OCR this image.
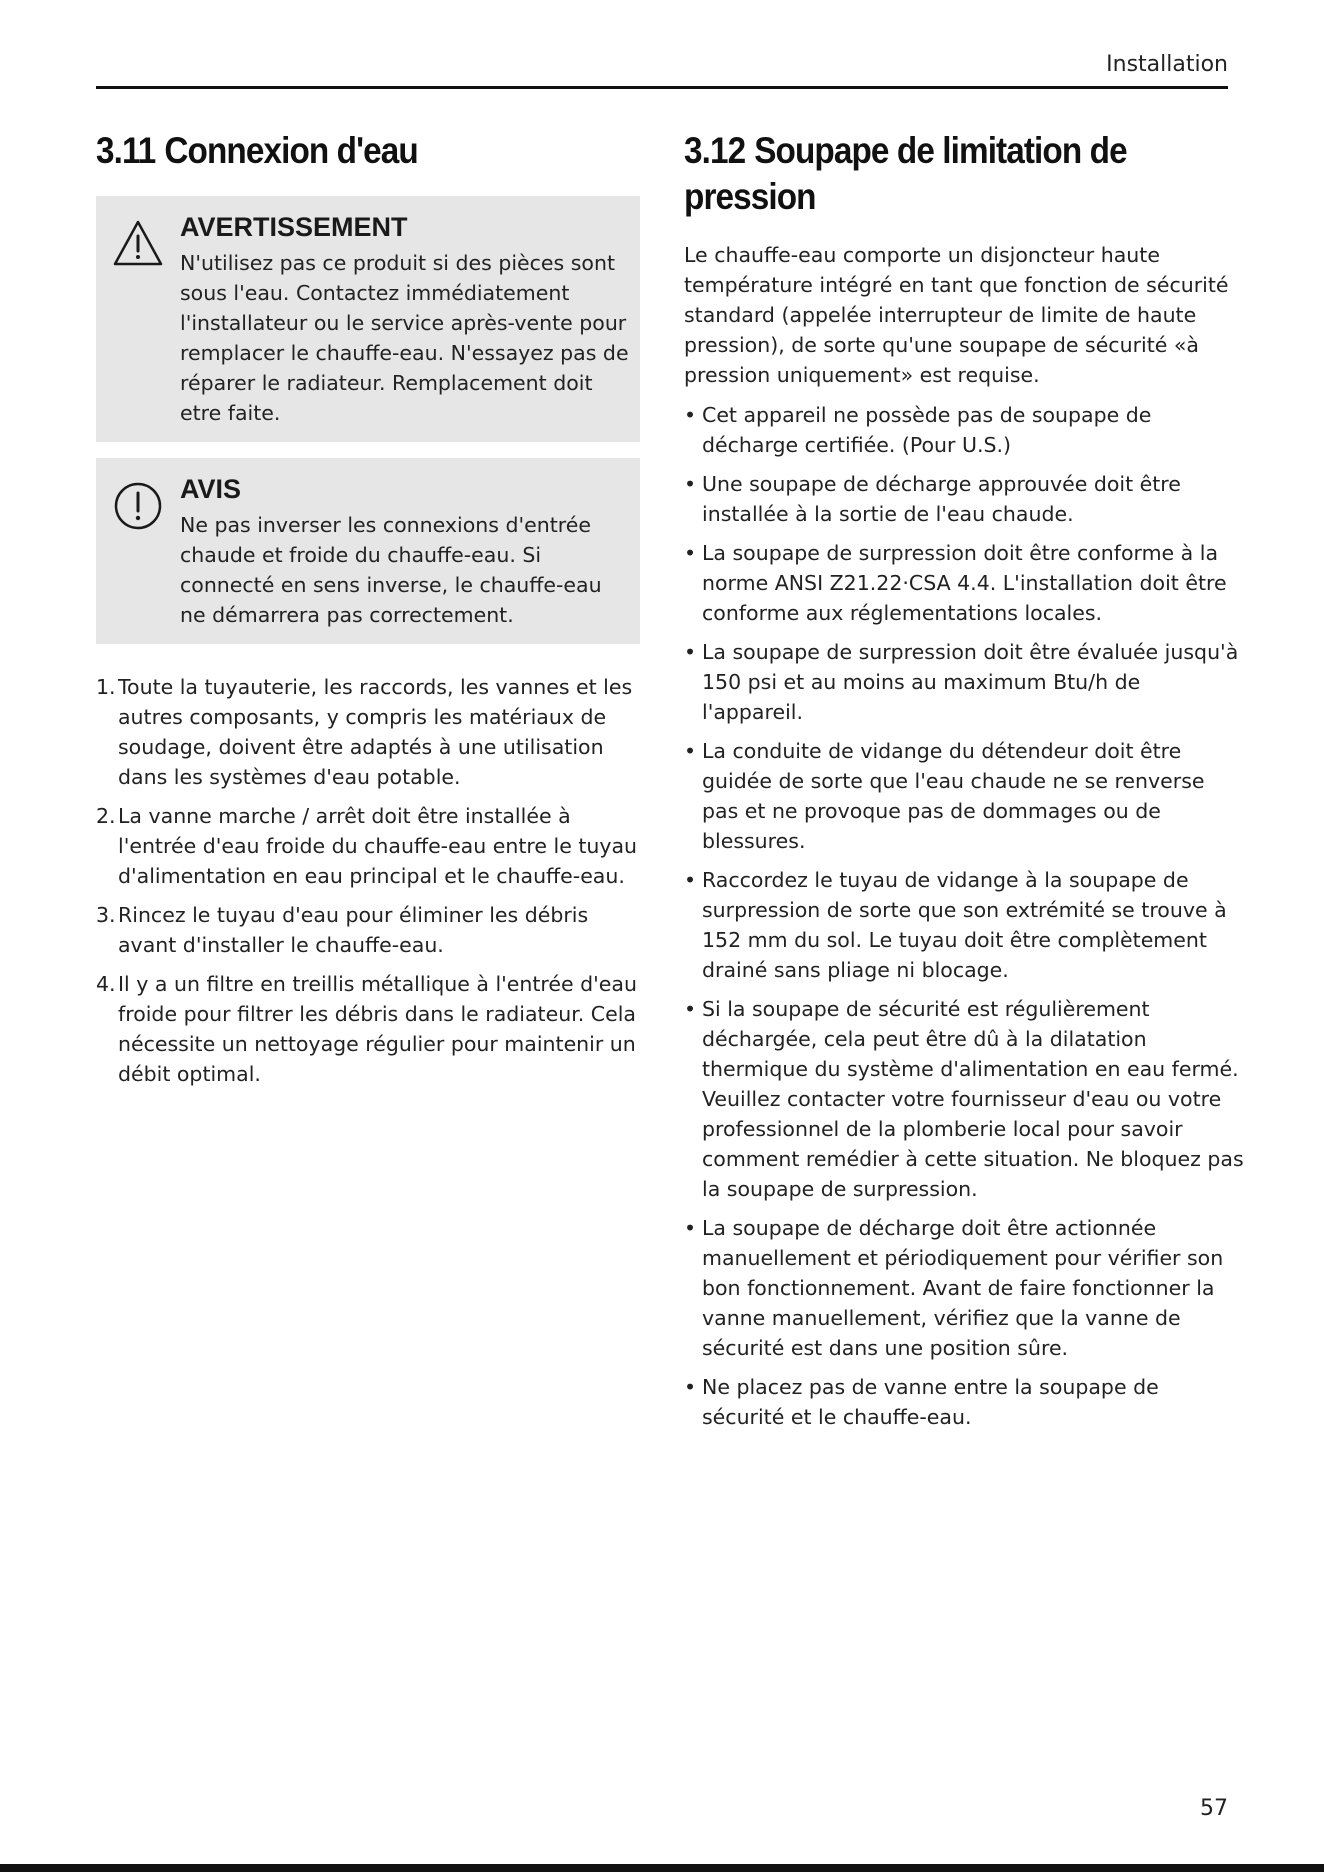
Installation
3.11 Connexion d'eau

AVERTISSEMENT

N'utilisez pas ce produit si des pièces sont sous l'eau. Contactez immédiatement l'installateur ou le service après-vente pour remplacer le chauffe-eau. N'essayez pas de réparer le radiateur. Remplacement doit etre faite.

AVIS

Ne pas inverser les connexions d'entrée chaude et froide du chauffe-eau. Si connecté en sens inverse, le chauffe-eau ne démarrera pas correctement.

1. Toute la tuyauterie, les raccords, les vannes et les autres composants, y compris les matériaux de soudage, doivent être adaptés à une utilisation dans les systèmes d'eau potable.
2. La vanne marche / arrêt doit être installée à l'entrée d'eau froide du chauffe-eau entre le tuyau d'alimentation en eau principal et le chauffe-eau.
3. Rincez le tuyau d'eau pour éliminer les débris avant d'installer le chauffe-eau.
4. Il y a un filtre en treillis métallique à l'entrée d'eau froide pour filtrer les débris dans le radiateur. Cela nécessite un nettoyage régulier pour maintenir un débit optimal.
3.12 Soupape de limitation de pression

Le chauffe-eau comporte un disjoncteur haute température intégré en tant que fonction de sécurité standard (appelée interrupteur de limite de haute pression), de sorte qu'une soupape de sécurité «à pression uniquement» est requise.

• Cet appareil ne possède pas de soupape de décharge certifiée. (Pour U.S.)
• Une soupape de décharge approuvée doit être installée à la sortie de l'eau chaude.
• La soupape de surpression doit être conforme à la norme ANSI Z21.22·CSA 4.4. L'installation doit être conforme aux réglementations locales.
• La soupape de surpression doit être évaluée jusqu'à 150 psi et au moins au maximum Btu/h de l'appareil.
• La conduite de vidange du détendeur doit être guidée de sorte que l'eau chaude ne se renverse pas et ne provoque pas de dommages ou de blessures.
• Raccordez le tuyau de vidange à la soupape de surpression de sorte que son extrémité se trouve à 152 mm du sol. Le tuyau doit être complètement drainé sans pliage ni blocage.
• Si la soupape de sécurité est régulièrement déchargée, cela peut être dû à la dilatation thermique du système d'alimentation en eau fermé. Veuillez contacter votre fournisseur d'eau ou votre professionnel de la plomberie local pour savoir comment remédier à cette situation. Ne bloquez pas la soupape de surpression.
• La soupape de décharge doit être actionnée manuellement et périodiquement pour vérifier son bon fonctionnement. Avant de faire fonctionner la vanne manuellement, vérifiez que la vanne de sécurité est dans une position sûre.
• Ne placez pas de vanne entre la soupape de sécurité et le chauffe-eau.
57
